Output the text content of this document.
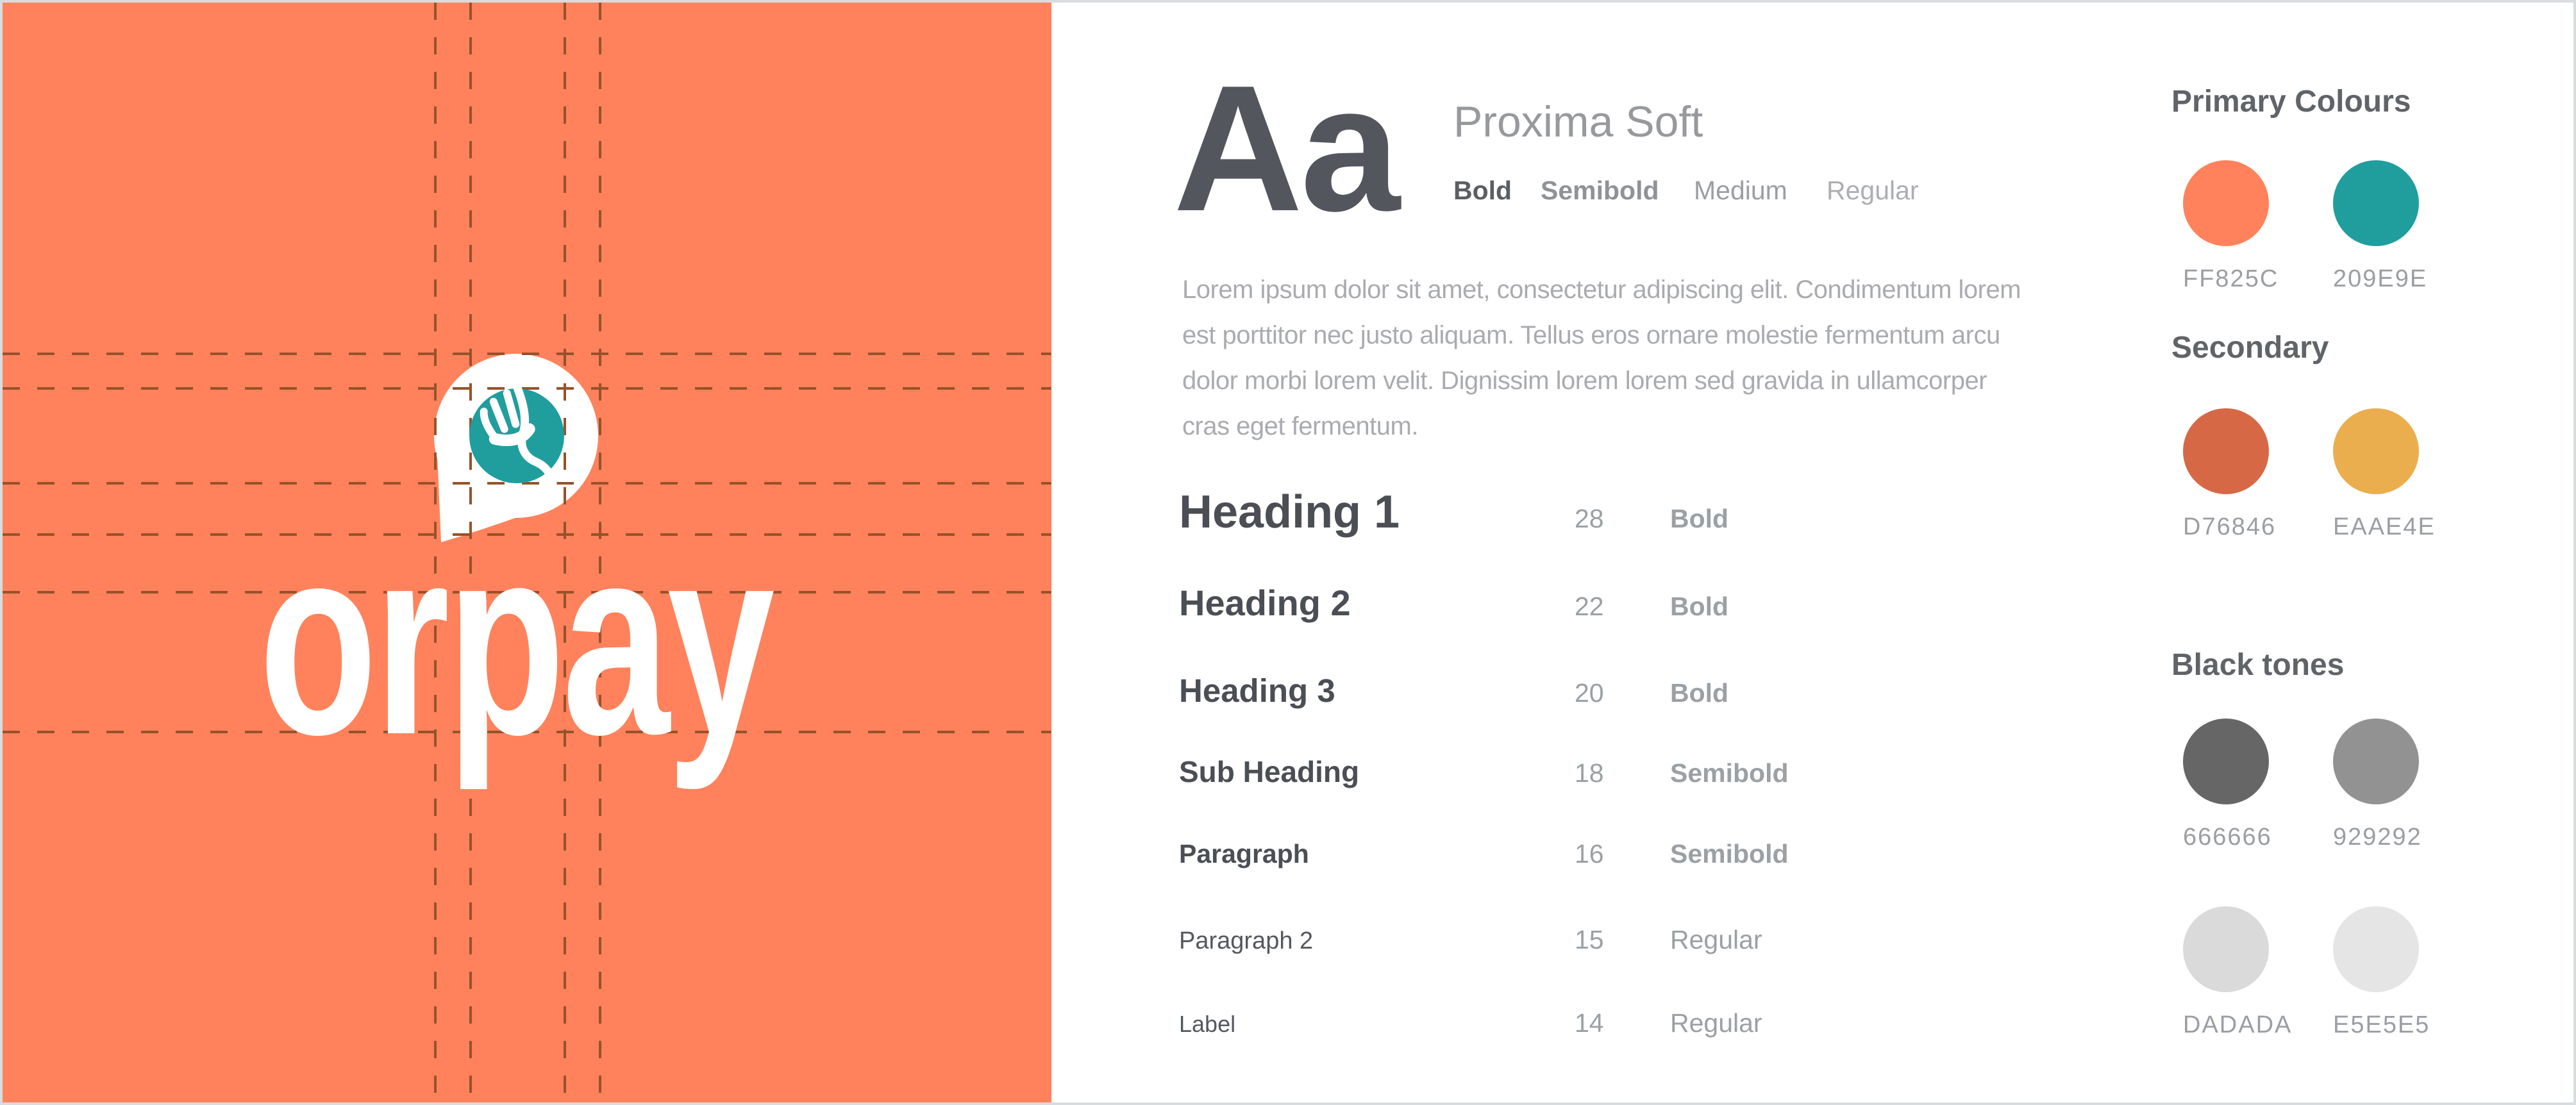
orpay
Aa Proxima Soft
Bold Semibold Medium Regular
Lorem ipsum dolor sit amet, consectetur adipiscing elit. Condimentum lorem
est porttitor nec justo aliquam. Tellus eros ornare molestie fermentum arcu
dolor morbi lorem velit. Dignissim lorem lorem sed gravida in ullamcorper
cras eget fermentum.
Heading 1	28	Bold
Heading 2	22	Bold
Heading 3	20	Bold
Sub Heading	18	Semibold
Paragraph	16	Semibold
Paragraph 2	15	Regular
Label	14	Regular
Primary Colours
FF825C 209E9E
Secondary
D76846 EAAE4E
Black tones
666666	929292
DADADA E5E5E5
